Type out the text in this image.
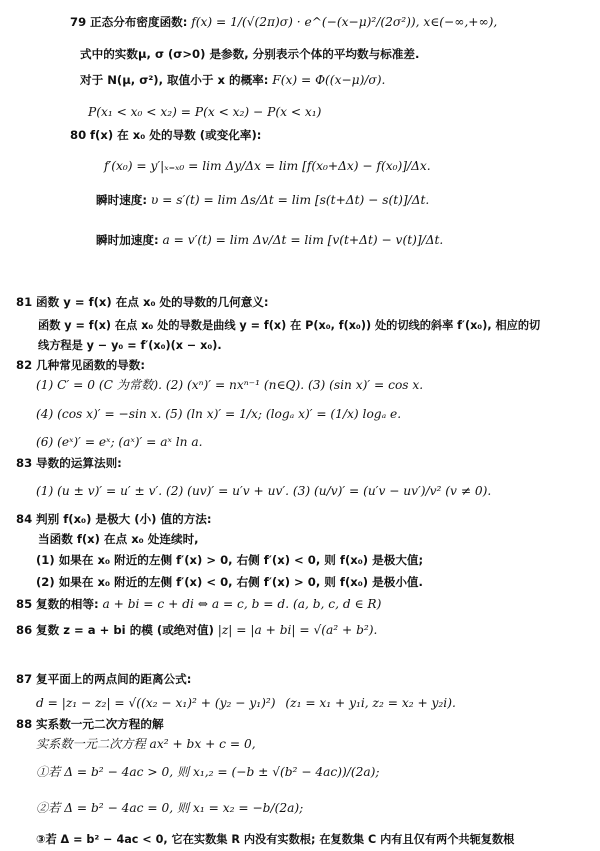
79 正态分布密度函数: f(x) = 1/(√(2π)σ) · e^(−(x−μ)²/(2σ²)), x∈(−∞,+∞),
式中的实数μ, σ (σ>0) 是参数, 分别表示个体的平均数与标准差.
对于 N(μ, σ²), 取值小于 x 的概率: F(x) = Φ((x−μ)/σ).
P(x₁ < x₀ < x₂) = P(x < x₂) − P(x < x₁)
80 f(x) 在 x₀ 处的导数 (或变化率):
f′(x₀) = y′|ₓ₌ₓ₀ = lim Δy/Δx = lim [f(x₀+Δx) − f(x₀)]/Δx.
瞬时速度: υ = s′(t) = lim Δs/Δt = lim [s(t+Δt) − s(t)]/Δt.
瞬时加速度: a = v′(t) = lim Δv/Δt = lim [v(t+Δt) − v(t)]/Δt.
81 函数 y = f(x) 在点 x₀ 处的导数的几何意义:
函数 y = f(x) 在点 x₀ 处的导数是曲线 y = f(x) 在 P(x₀, f(x₀)) 处的切线的斜率 f′(x₀), 相应的切
线方程是 y − y₀ = f′(x₀)(x − x₀).
82 几种常见函数的导数:
(1) C′ = 0 (C 为常数). (2) (xⁿ)′ = nxⁿ⁻¹ (n∈Q). (3) (sin x)′ = cos x.
(4) (cos x)′ = −sin x. (5) (ln x)′ = 1/x; (logₐ x)′ = (1/x) logₐ e.
(6) (eˣ)′ = eˣ; (aˣ)′ = aˣ ln a.
83 导数的运算法则:
(1) (u ± v)′ = u′ ± v′. (2) (uv)′ = u′v + uv′. (3) (u/v)′ = (u′v − uv′)/v² (v ≠ 0).
84 判别 f(x₀) 是极大 (小) 值的方法:
当函数 f(x) 在点 x₀ 处连续时,
(1) 如果在 x₀ 附近的左侧 f′(x) > 0, 右侧 f′(x) < 0, 则 f(x₀) 是极大值;
(2) 如果在 x₀ 附近的左侧 f′(x) < 0, 右侧 f′(x) > 0, 则 f(x₀) 是极小值.
85 复数的相等: a + bi = c + di ⇔ a = c, b = d. (a, b, c, d ∈ R)
86 复数 z = a + bi 的模 (或绝对值) |z| = |a + bi| = √(a² + b²).
87 复平面上的两点间的距离公式:
d = |z₁ − z₂| = √((x₂ − x₁)² + (y₂ − y₁)²) (z₁ = x₁ + y₁i, z₂ = x₂ + y₂i).
88 实系数一元二次方程的解
实系数一元二次方程 ax² + bx + c = 0,
①若 Δ = b² − 4ac > 0, 则 x₁,₂ = (−b ± √(b² − 4ac))/(2a);
②若 Δ = b² − 4ac = 0, 则 x₁ = x₂ = −b/(2a);
③若 Δ = b² − 4ac < 0, 它在实数集 R 内没有实数根; 在复数集 C 内有且仅有两个共轭复数根
